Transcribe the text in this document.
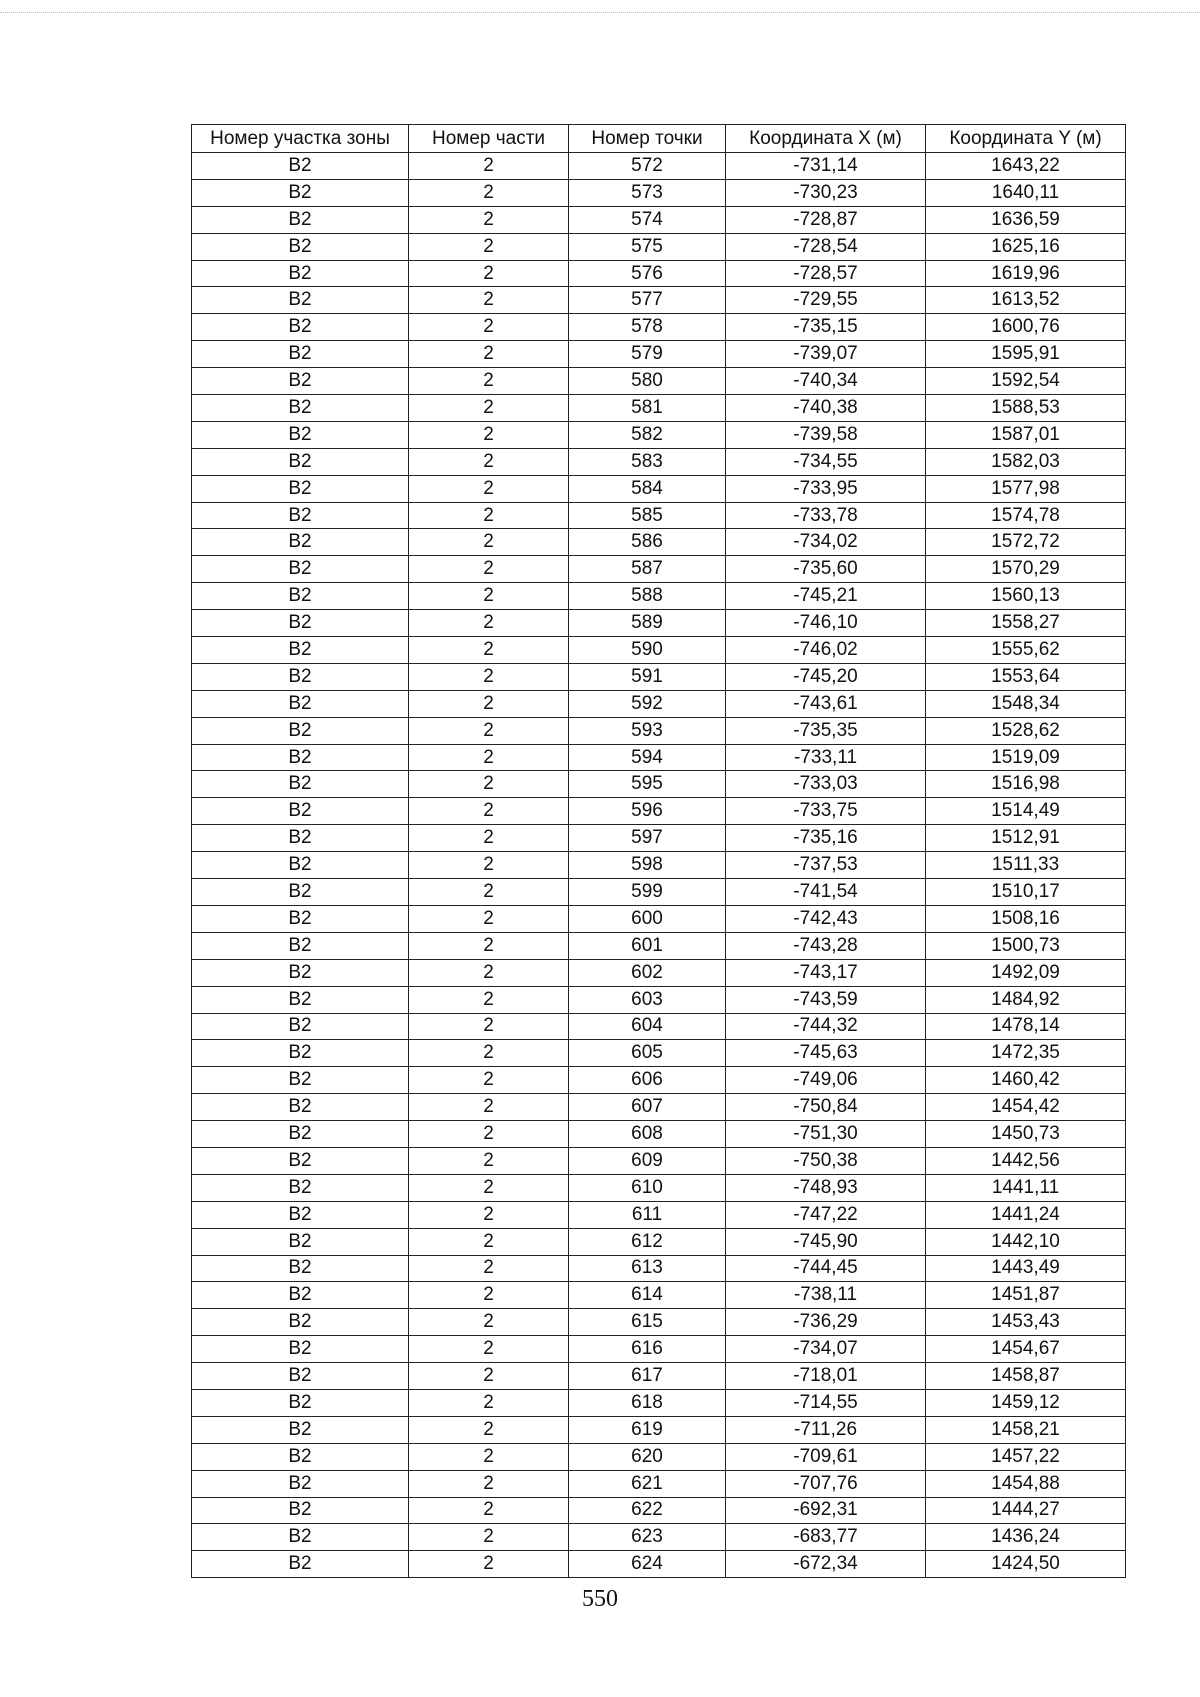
Номер участка зоны	Номер части	Номер точки	Координата X (м)	Координата Y (м)
B2	2	572	-731,14	1643,22
B2	2	573	-730,23	1640,11
B2	2	574	-728,87	1636,59
B2	2	575	-728,54	1625,16
B2	2	576	-728,57	1619,96
B2	2	577	-729,55	1613,52
B2	2	578	-735,15	1600,76
B2	2	579	-739,07	1595,91
B2	2	580	-740,34	1592,54
B2	2	581	-740,38	1588,53
B2	2	582	-739,58	1587,01
B2	2	583	-734,55	1582,03
B2	2	584	-733,95	1577,98
B2	2	585	-733,78	1574,78
B2	2	586	-734,02	1572,72
B2	2	587	-735,60	1570,29
B2	2	588	-745,21	1560,13
B2	2	589	-746,10	1558,27
B2	2	590	-746,02	1555,62
B2	2	591	-745,20	1553,64
B2	2	592	-743,61	1548,34
B2	2	593	-735,35	1528,62
B2	2	594	-733,11	1519,09
B2	2	595	-733,03	1516,98
B2	2	596	-733,75	1514,49
B2	2	597	-735,16	1512,91
B2	2	598	-737,53	1511,33
B2	2	599	-741,54	1510,17
B2	2	600	-742,43	1508,16
B2	2	601	-743,28	1500,73
B2	2	602	-743,17	1492,09
B2	2	603	-743,59	1484,92
B2	2	604	-744,32	1478,14
B2	2	605	-745,63	1472,35
B2	2	606	-749,06	1460,42
B2	2	607	-750,84	1454,42
B2	2	608	-751,30	1450,73
B2	2	609	-750,38	1442,56
B2	2	610	-748,93	1441,11
B2	2	611	-747,22	1441,24
B2	2	612	-745,90	1442,10
B2	2	613	-744,45	1443,49
B2	2	614	-738,11	1451,87
B2	2	615	-736,29	1453,43
B2	2	616	-734,07	1454,67
B2	2	617	-718,01	1458,87
B2	2	618	-714,55	1459,12
B2	2	619	-711,26	1458,21
B2	2	620	-709,61	1457,22
B2	2	621	-707,76	1454,88
B2	2	622	-692,31	1444,27
B2	2	623	-683,77	1436,24
B2	2	624	-672,34	1424,50
550
